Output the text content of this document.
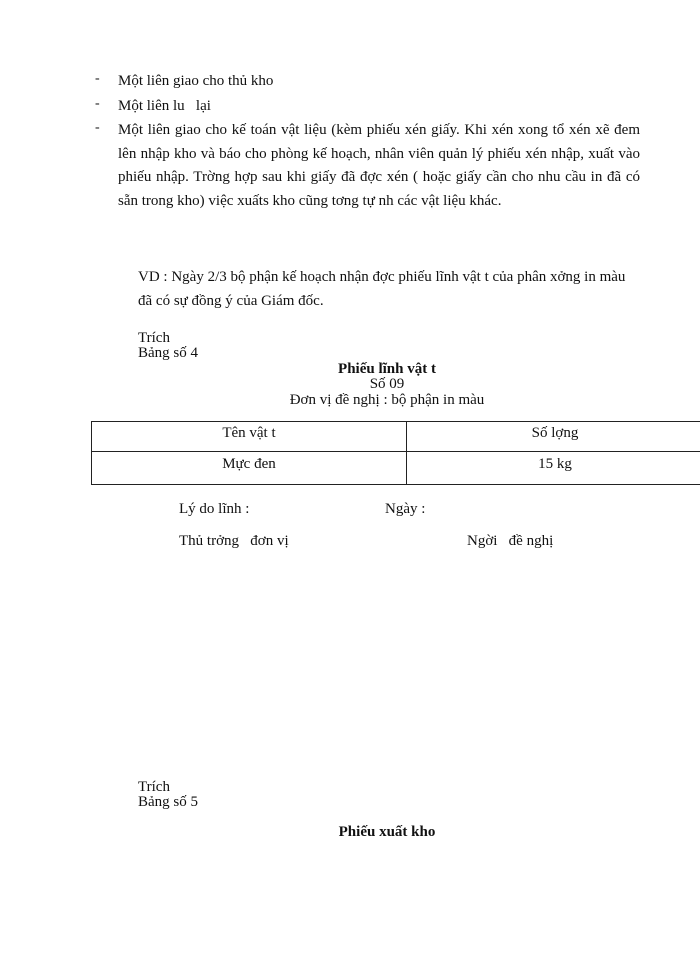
- Một liên giao cho thủ kho
- Một liên lu   lại
- Một liên giao cho kế toán vật liệu (kèm phiếu xén giấy. Khi xén xong tổ xén xẽ đem lên nhập kho và báo cho phòng kế hoạch, nhân viên quản lý phiếu xén nhập, xuất vào phiếu nhập. Trờng hợp sau khi giấy đã đợc xén ( hoặc giấy cần cho nhu cầu in đã có sẵn trong kho) việc xuấts kho cũng tơng tự nh các vật liệu khác.
VD : Ngày 2/3 bộ phận kế hoạch nhận đợc phiếu lĩnh vật t của phân xởng in màu đã có sự đồng ý của Giám đốc.
Trích
Bảng số 4
Phiếu lĩnh vật t
Số 09
Đơn vị đề nghị : bộ phận in màu
Tên vật t	Số lợng
Mực đen	15 kg
Lý do lĩnh :	Ngày :
Thủ trởng   đơn vị	Ngời   đề nghị
Trích
Bảng số 5
Phiếu xuất kho
